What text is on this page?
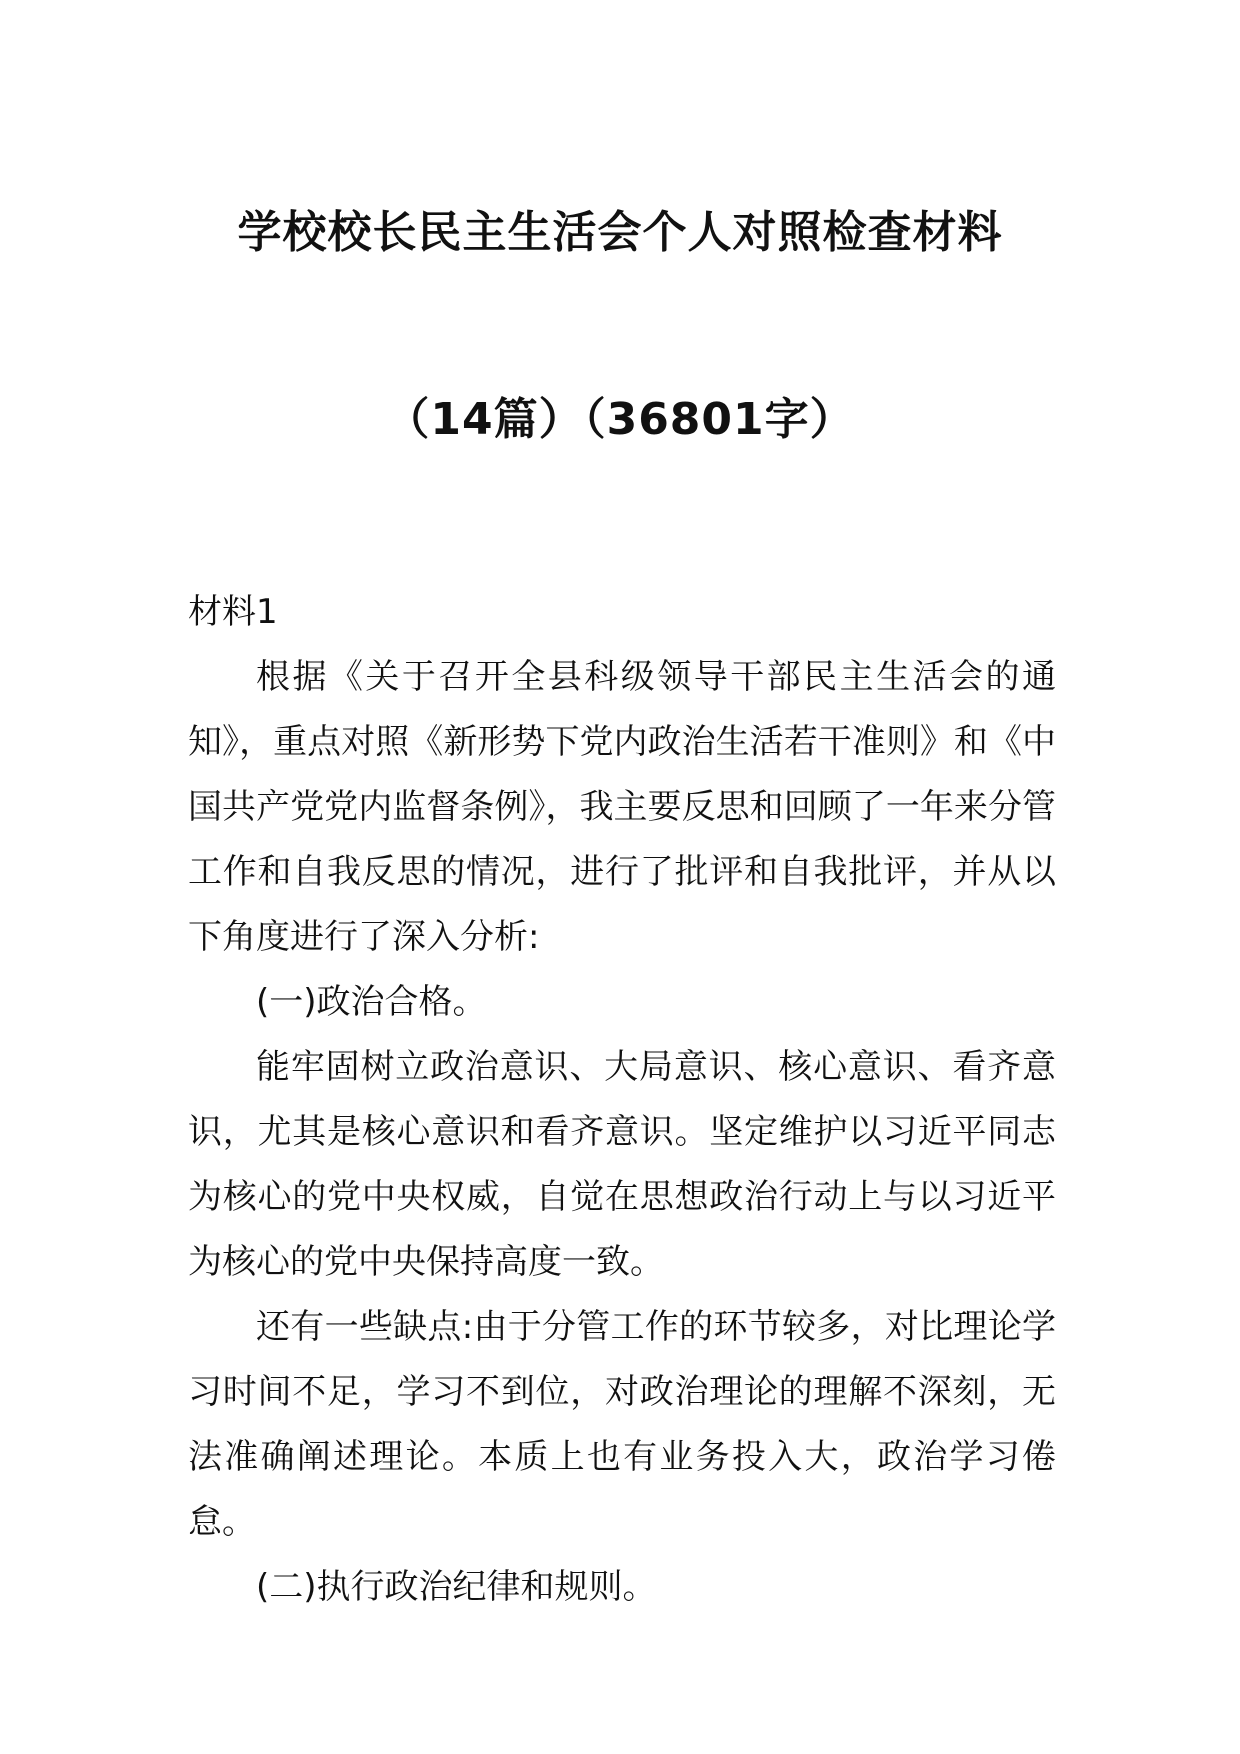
学校校长民主生活会个人对照检查材料
（14篇）（36801字）

材料1

根据《关于召开全县科级领导干部民主生活会的通知》，重点对照《新形势下党内政治生活若干准则》和《中国共产党党内监督条例》，我主要反思和回顾了一年来分管工作和自我反思的情况，进行了批评和自我批评，并从以下角度进行了深入分析:

(一)政治合格。

能牢固树立政治意识、大局意识、核心意识、看齐意识，尤其是核心意识和看齐意识。坚定维护以习近平同志为核心的党中央权威，自觉在思想政治行动上与以习近平为核心的党中央保持高度一致。

还有一些缺点:由于分管工作的环节较多，对比理论学习时间不足，学习不到位，对政治理论的理解不深刻，无法准确阐述理论。本质上也有业务投入大，政治学习倦怠。

(二)执行政治纪律和规则。
